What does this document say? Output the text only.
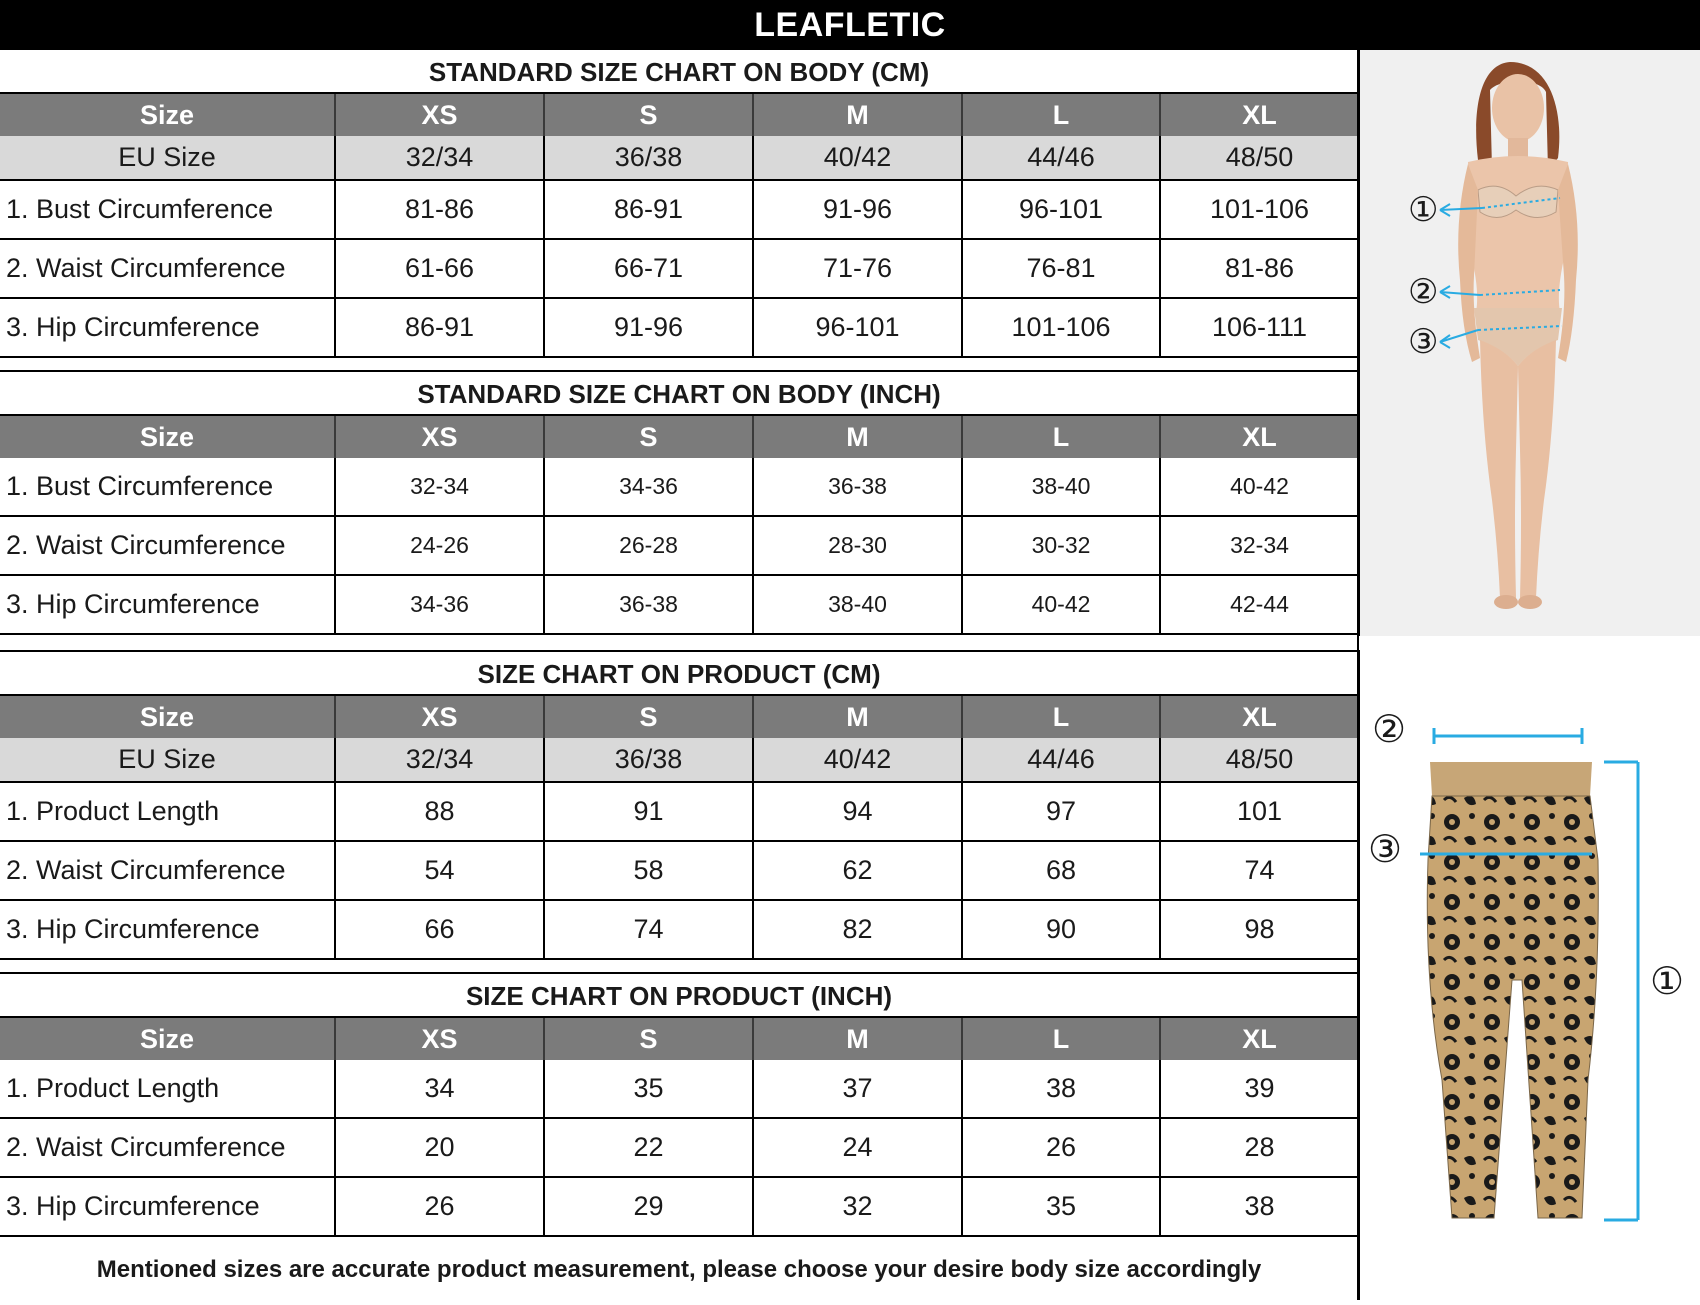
LEAFLETIC
STANDARD SIZE CHART ON BODY (CM)
Size	XS	S	M	L	XL
EU Size	32/34	36/38	40/42	44/46	48/50
1. Bust Circumference	81-86	86-91	91-96	96-101	101-106
2. Waist Circumference	61-66	66-71	71-76	76-81	81-86
3. Hip Circumference	86-91	91-96	96-101	101-106	106-111
STANDARD SIZE CHART ON BODY (INCH)
Size	XS	S	M	L	XL
1. Bust Circumference	32-34	34-36	36-38	38-40	40-42
2. Waist Circumference	24-26	26-28	28-30	30-32	32-34
3. Hip Circumference	34-36	36-38	38-40	40-42	42-44
SIZE CHART ON PRODUCT (CM)
Size	XS	S	M	L	XL
EU Size	32/34	36/38	40/42	44/46	48/50
1. Product Length	88	91	94	97	101
2. Waist Circumference	54	58	62	68	74
3. Hip Circumference	66	74	82	90	98
SIZE CHART ON PRODUCT (INCH)
Size	XS	S	M	L	XL
1. Product Length	34	35	37	38	39
2. Waist Circumference	20	22	24	26	28
3. Hip Circumference	26	29	32	35	38
Mentioned sizes are accurate product measurement, please choose your desire body size accordingly
①
②
③
②
③
①
